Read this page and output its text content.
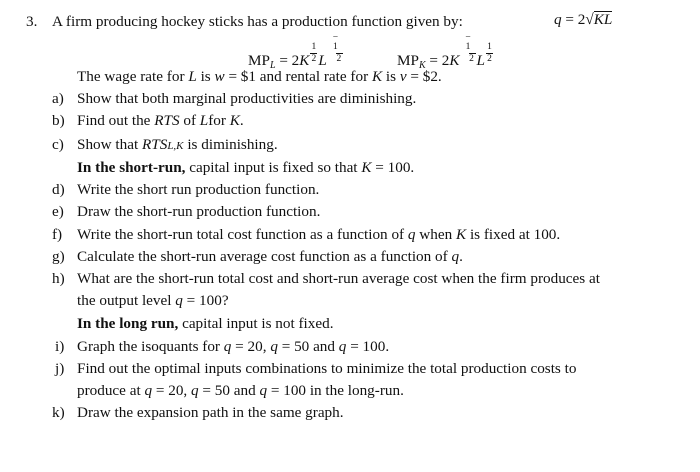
3. A firm producing hockey sticks has a production function given by:	q = 2√KL
$MP_L = 2K \frac{1}{2}$ L −
1
2	$MP_K = 2K$ −
1
2 L $\frac{1}{2}$
The wage rate for L is w = $1 and rental rate for K is v = $2.
a) Show that both marginal productivities are diminishing.
b) Find out the RTS of Lfor K.
c) Show that RTSL,K is diminishing.
In the short-run, capital input is fixed so that K = 100.
d) Write the short run production function.
e) Draw the short-run production function.
f) Write the short-run total cost function as a function of q when K is fixed at 100.
g) Calculate the short-run average cost function as a function of q.
h) What are the short-run total cost and short-run average cost when the firm produces at
the output level q = 100?
In the long run, capital input is not fixed.
i) Graph the isoquants for q = 20, q = 50 and q = 100.
j) Find out the optimal inputs combinations to minimize the total production costs to
produce at q = 20, q = 50 and q = 100 in the long-run.
k) Draw the expansion path in the same graph.
